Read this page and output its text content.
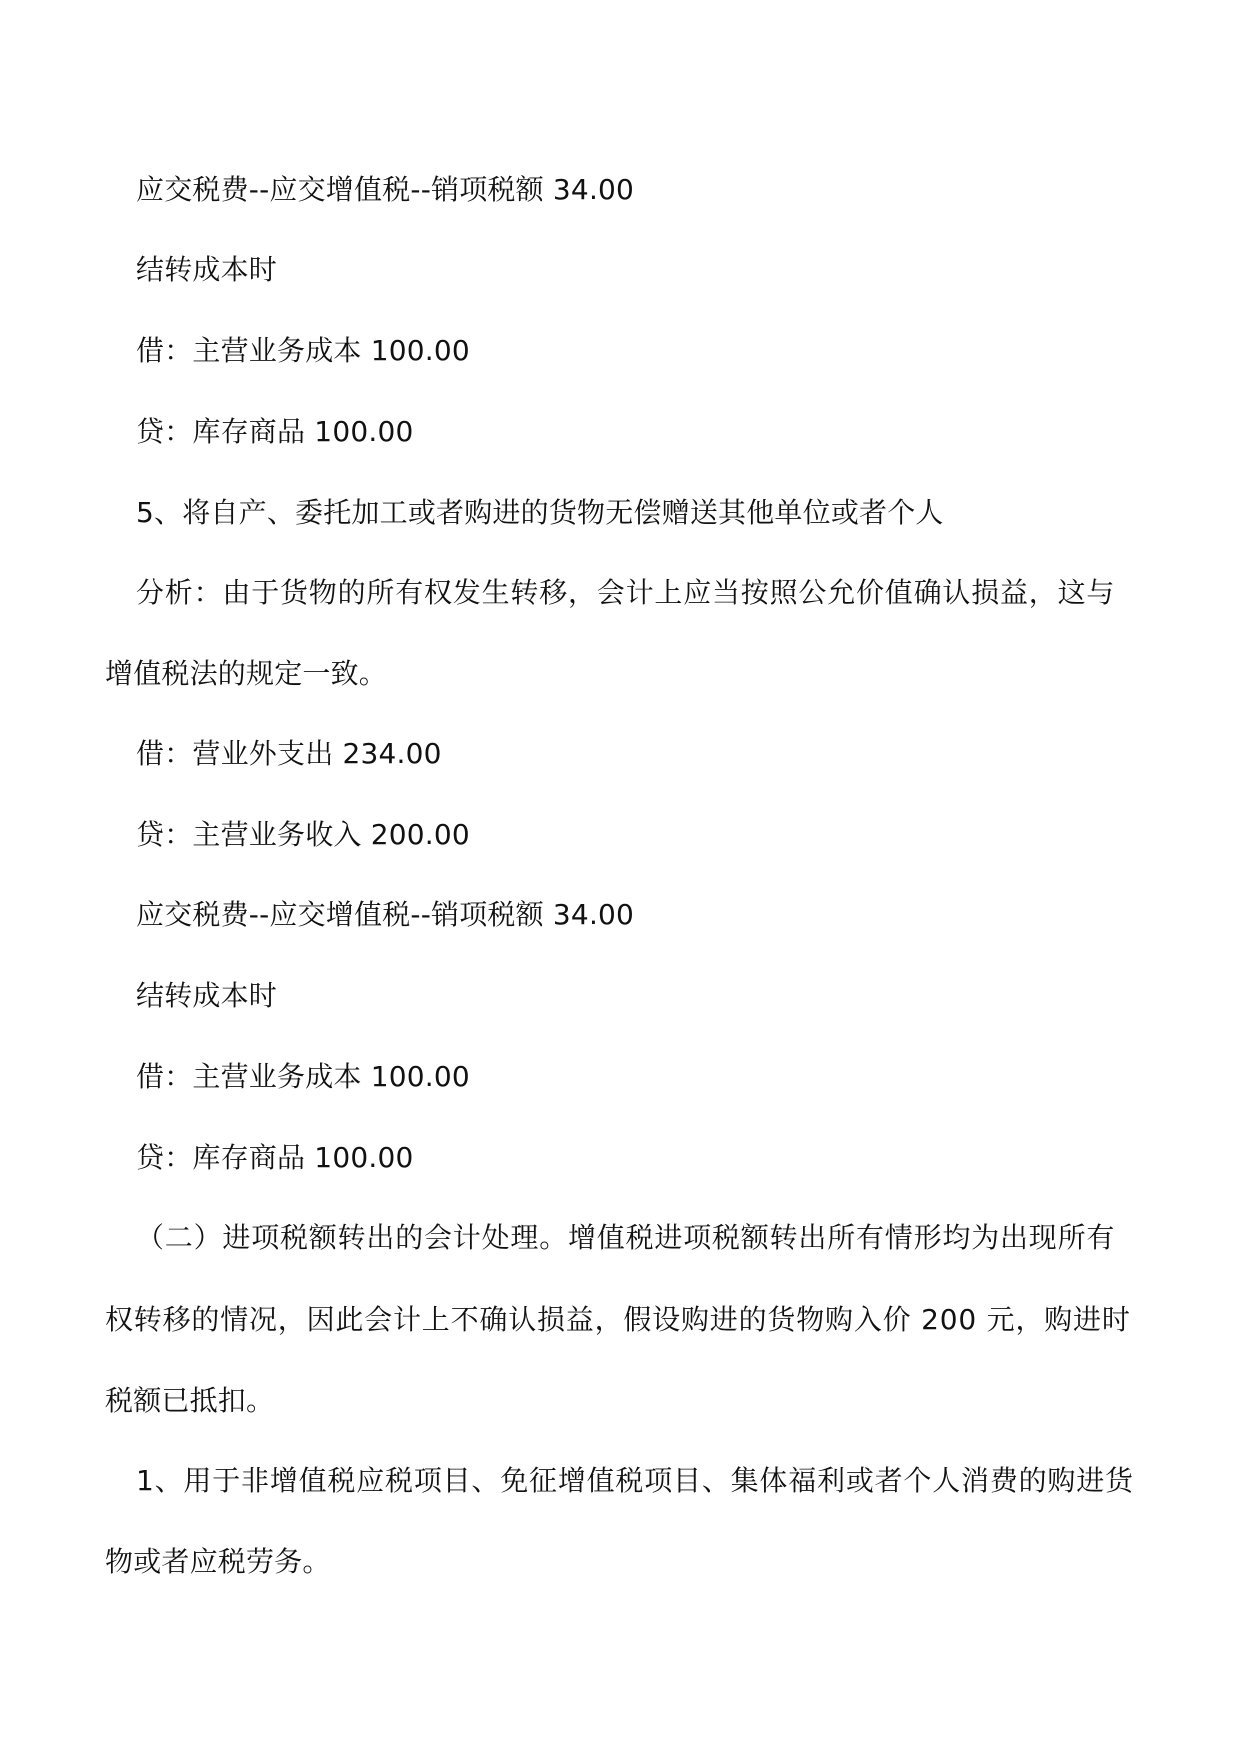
应交税费--应交增值税--销项税额 34.00
结转成本时
借：主营业务成本 100.00
贷：库存商品 100.00
5、将自产、委托加工或者购进的货物无偿赠送其他单位或者个人
分析：由于货物的所有权发生转移，会计上应当按照公允价值确认损益，这与
增值税法的规定一致。
借：营业外支出 234.00
贷：主营业务收入 200.00
应交税费--应交增值税--销项税额 34.00
结转成本时
借：主营业务成本 100.00
贷：库存商品 100.00
（二）进项税额转出的会计处理。增值税进项税额转出所有情形均为出现所有
权转移的情况，因此会计上不确认损益，假设购进的货物购入价 200 元，购进时
税额已抵扣。
1、用于非增值税应税项目、免征增值税项目、集体福利或者个人消费的购进货
物或者应税劳务。
